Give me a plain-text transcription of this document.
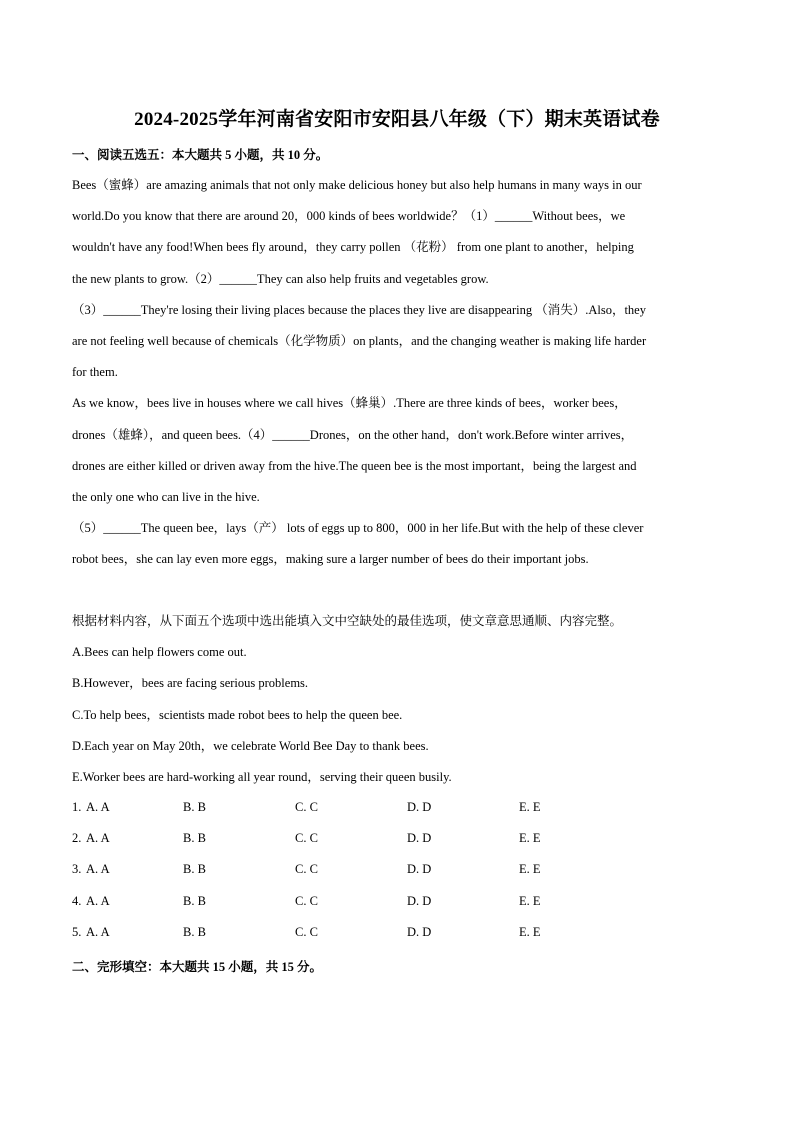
2024-2025学年河南省安阳市安阳县八年级（下）期末英语试卷
一、阅读五选五：本大题共 5 小题，共 10 分。
Bees（蜜蜂）are amazing animals that not only make delicious honey but also help humans in many ways in our
world.Do you know that there are around 20，000 kinds of bees worldwide？（1）______Without bees，we
wouldn't have any food!When bees fly around，they carry pollen （花粉） from one plant to another，helping
the new plants to grow.（2）______They can also help fruits and vegetables grow.
（3）______They're losing their living places because the places they live are disappearing （消失）.Also，they
are not feeling well because of chemicals（化学物质）on plants，and the changing weather is making life harder
for them.
As we know，bees live in houses where we call hives（蜂巢）.There are three kinds of bees，worker bees，
drones（雄蜂），and queen bees.（4）______Drones，on the other hand，don't work.Before winter arrives，
drones are either killed or driven away from the hive.The queen bee is the most important，being the largest and
the only one who can live in the hive.
（5）______The queen bee，lays（产） lots of eggs up to 800，000 in her life.But with the help of these clever
robot bees，she can lay even more eggs，making sure a larger number of bees do their important jobs.
根据材料内容，从下面五个选项中选出能填入文中空缺处的最佳选项，使文章意思通顺、内容完整。
A.Bees can help flowers come out.
B.However，bees are facing serious problems.
C.To help bees，scientists made robot bees to help the queen bee.
D.Each year on May 20th，we celebrate World Bee Day to thank bees.
E.Worker bees are hard-working all year round，serving their queen busily.
1. A. A	B. B	C. C	D. D	E. E
2. A. A	B. B	C. C	D. D	E. E
3. A. A	B. B	C. C	D. D	E. E
4. A. A	B. B	C. C	D. D	E. E
5. A. A	B. B	C. C	D. D	E. E
二、完形填空：本大题共 15 小题，共 15 分。
